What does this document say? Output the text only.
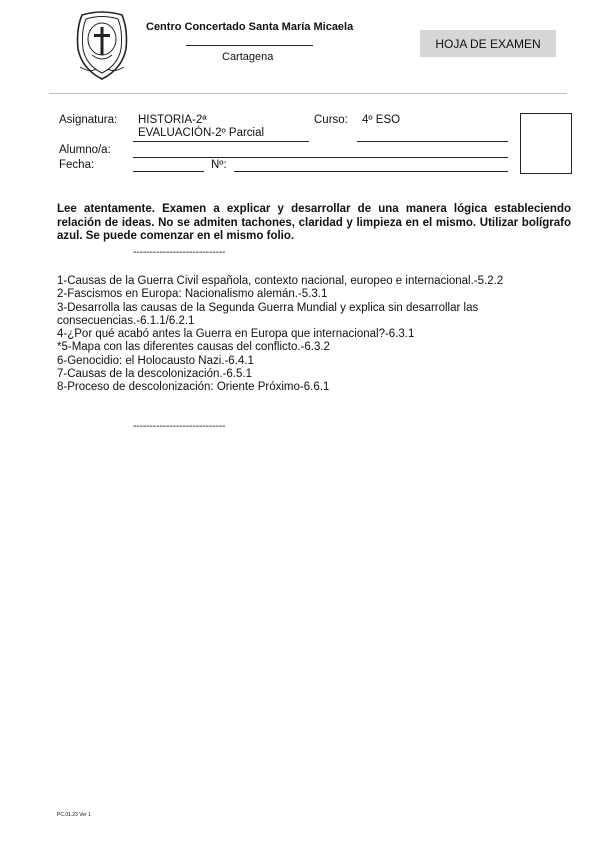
Centro Concertado Santa María Micaela
Cartagena
HOJA DE EXAMEN
Asignatura: HISTORIA-2ª
EVALUACIÓN-2º Parcial
Curso: 4º ESO
Alumno/a:
Fecha:	Nº:
Lee atentamente. Examen a explicar y desarrollar de una manera lógica estableciendo relación de ideas. No se admiten tachones, claridad y limpieza en el mismo. Utilizar bolígrafo azul. Se puede comenzar en el mismo folio.
----------------------------
1-Causas de la Guerra Civil española, contexto nacional, europeo e internacional.-5.2.2
2-Fascismos en Europa: Nacionalismo alemán.-5.3.1
3-Desarrolla las causas de la Segunda Guerra Mundial y explica sin desarrollar las consecuencias.-6.1.1/6.2.1
4-¿Por qué acabó antes la Guerra en Europa que internacional?-6.3.1
*5-Mapa con las diferentes causas del conflicto.-6.3.2
6-Genocidio: el Holocausto Nazi.-6.4.1
7-Causas de la descolonización.-6.5.1
8-Proceso de descolonización: Oriente Próximo-6.6.1
----------------------------
PC.01.23 Ver 1
